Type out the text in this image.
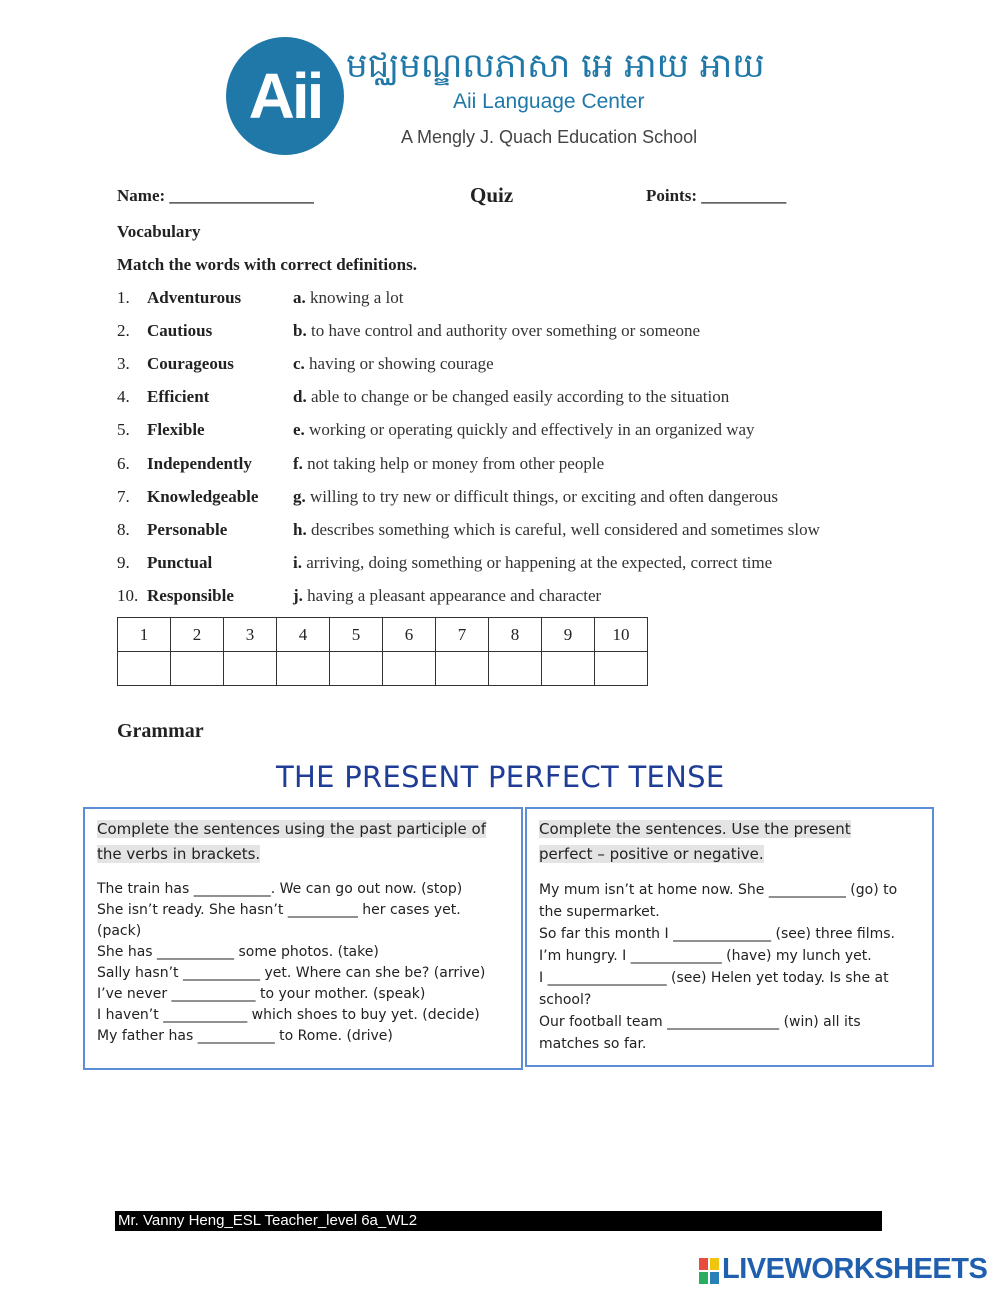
Aii មជ្ឈមណ្ឌលភាសា អេ អាយ អាយ
Aii Language Center
A Mengly J. Quach Education School
Name: _________________	Quiz	Points: __________
Vocabulary
Match the words with correct definitions.
1. Adventurous	a. knowing a lot
2. Cautious	b. to have control and authority over something or someone
3. Courageous	c. having or showing courage
4. Efficient	d. able to change or be changed easily according to the situation
5. Flexible	e. working or operating quickly and effectively in an organized way
6. Independently f. not taking help or money from other people
7. Knowledgeable g. willing to try new or difficult things, or exciting and often dangerous
8. Personable	h. describes something which is careful, well considered and sometimes slow
9. Punctual	i. arriving, doing something or happening at the expected, correct time
10. Responsible	j. having a pleasant appearance and character
1	2	3	4	5	6	7	8	9	10

Grammar
THE PRESENT PERFECT TENSE
Complete the sentences using the past participle of the verbs in brackets.
The train has ___________. We can go out now. (stop)
She isn’t ready. She hasn’t __________ her cases yet. (pack)
She has ___________ some photos. (take)
Sally hasn’t ___________ yet. Where can she be? (arrive)
I’ve never ____________ to your mother. (speak)
I haven’t ____________ which shoes to buy yet. (decide)
My father has ___________ to Rome. (drive)
Complete the sentences. Use the present perfect – positive or negative.
My mum isn’t at home now. She ___________ (go) to the supermarket.
So far this month I ______________ (see) three films.
I’m hungry. I _____________ (have) my lunch yet.
I _________________ (see) Helen yet today. Is she at school?
Our football team ________________ (win) all its matches so far.
Mr. Vanny Heng_ESL Teacher_level 6a_WL2
LIVEWORKSHEETS
